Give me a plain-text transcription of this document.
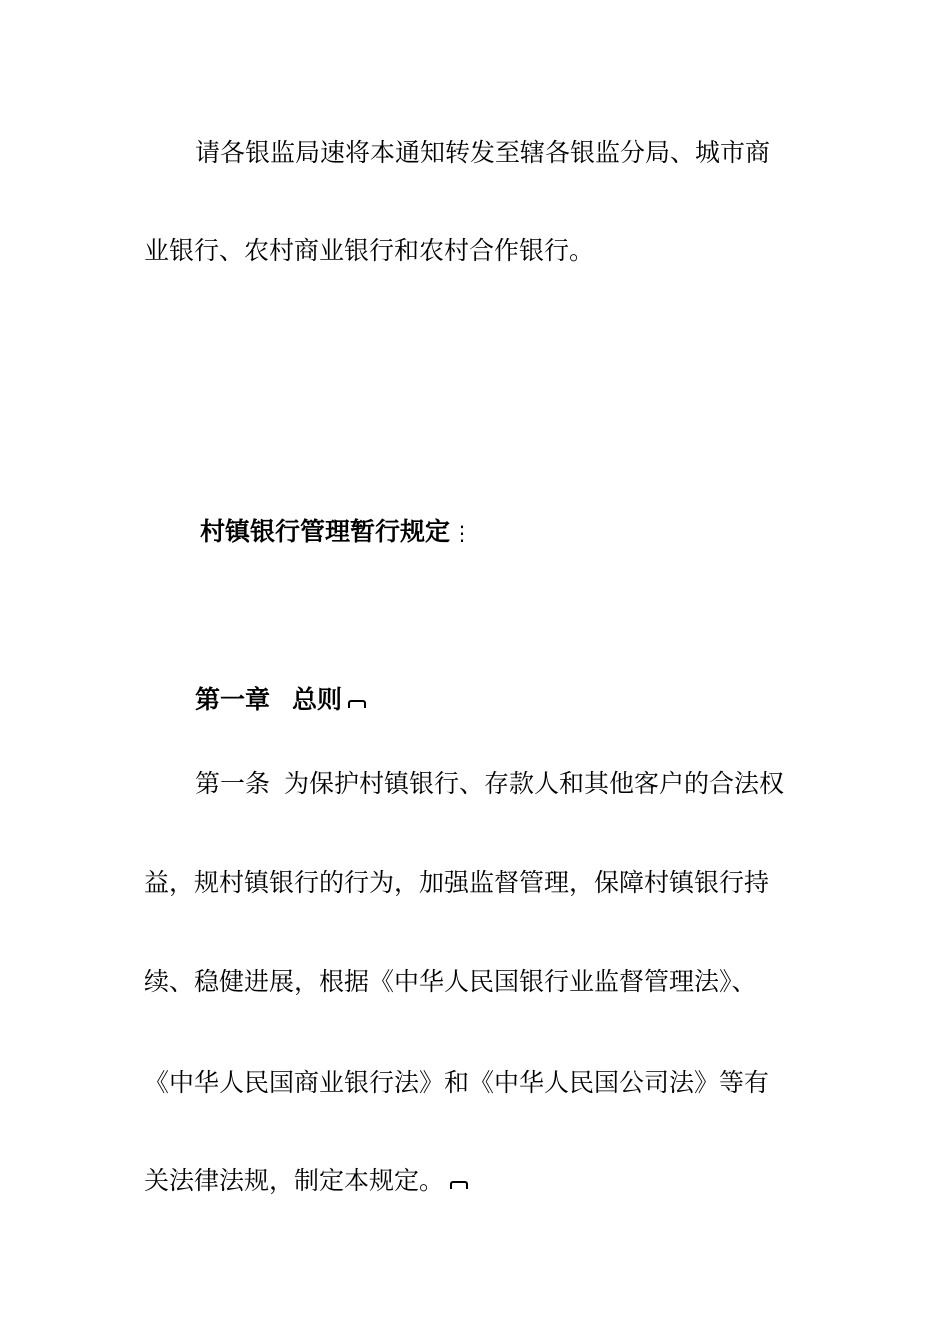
请各银监局速将本通知转发至辖各银监分局、城市商
业银行、农村商业银行和农村合作银行。
村镇银行管理暂行规定 ⋮
第一章 总则
第一条 为保护村镇银行、存款人和其他客户的合法权
益，规村镇银行的行为，加强监督管理，保障村镇银行持
续、稳健进展，根据《中华人民国银行业监督管理法》、
《中华人民国商业银行法》和《中华人民国公司法》等有
关法律法规，制定本规定。
